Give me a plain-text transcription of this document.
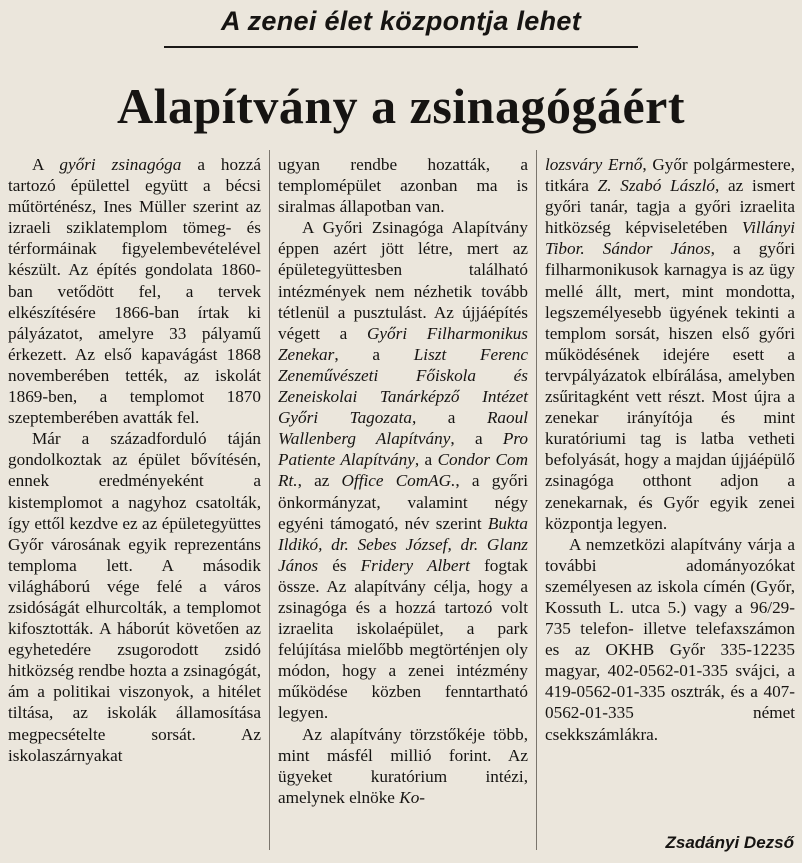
A zenei élet központja lehet
Alapítvány a zsinagógáért

A győri zsinagóga a hozzá tartozó épülettel együtt a bécsi műtörténész, Ines Müller szerint az izraeli sziklatemplom tömeg- és térformáinak figyelembevételével készült. Az építés gondolata 1860-ban vetődött fel, a tervek elkészítésére 1866-ban írtak ki pályázatot, amelyre 33 pályamű érkezett. Az első kapavágást 1868 novemberében tették, az iskolát 1869-ben, a templomot 1870 szeptemberében avatták fel.

Már a századforduló táján gondolkoztak az épület bővítésén, ennek eredményeként a kistemplomot a nagyhoz csatolták, így ettől kezdve ez az épületegyüttes Győr városának egyik reprezentáns temploma lett. A második világháború vége felé a város zsidóságát elhurcolták, a templomot kifosztották. A háborút követően az egyhetedére zsugorodott zsidó hitközség rendbe hozta a zsinagógát, ám a politikai viszonyok, a hitélet tiltása, az iskolák államosítása megpecsételte sorsát. Az iskolaszárnyakat

ugyan rendbe hozatták, a templomépület azonban ma is siralmas állapotban van.

A Győri Zsinagóga Alapítvány éppen azért jött létre, mert az épületegyüttesben található intézmények nem nézhetik tovább tétlenül a pusztulást. Az újjáépítés végett a Győri Filharmonikus Zenekar, a Liszt Ferenc Zeneművészeti Főiskola és Zeneiskolai Tanárképző Intézet Győri Tagozata, a Raoul Wallenberg Alapítvány, a Pro Patiente Alapítvány, a Condor Com Rt., az Office ComAG., a győri önkormányzat, valamint négy egyéni támogató, név szerint Bukta Ildikó, dr. Sebes József, dr. Glanz János és Fridery Albert fogtak össze. Az alapítvány célja, hogy a zsinagóga és a hozzá tartozó volt izraelita iskolaépület, a park felújítása mielőbb megtörténjen oly módon, hogy a zenei intézmény működése közben fenntartható legyen.

Az alapítvány törzstőkéje több, mint másfél millió forint. Az ügyeket kuratórium intézi, amelynek elnöke Ko-

lozsváry Ernő, Győr polgármestere, titkára Z. Szabó László, az ismert győri tanár, tagja a győri izraelita hitközség képviseletében Villányi Tibor. Sándor János, a győri filharmonikusok karnagya is az ügy mellé állt, mert, mint mondotta, legszemélyesebb ügyének tekinti a templom sorsát, hiszen első győri működésének idejére esett a tervpályázatok elbírálása, amelyben zsűritagként vett részt. Most újra a zenekar irányítója és mint kuratóriumi tag is latba vetheti befolyását, hogy a majdan újjáépülő zsinagóga otthont adjon a zenekarnak, és Győr egyik zenei központja legyen.

A nemzetközi alapítvány várja a további adományozókat személyesen az iskola címén (Győr, Kossuth L. utca 5.) vagy a 96/29-735 telefon- illetve telefaxszámon es az OKHB Győr 335-12235 magyar, 402-0562-01-335 svájci, a 419-0562-01-335 osztrák, és a 407-0562-01-335 német csekkszámlákra.

Zsadányi Dezső
